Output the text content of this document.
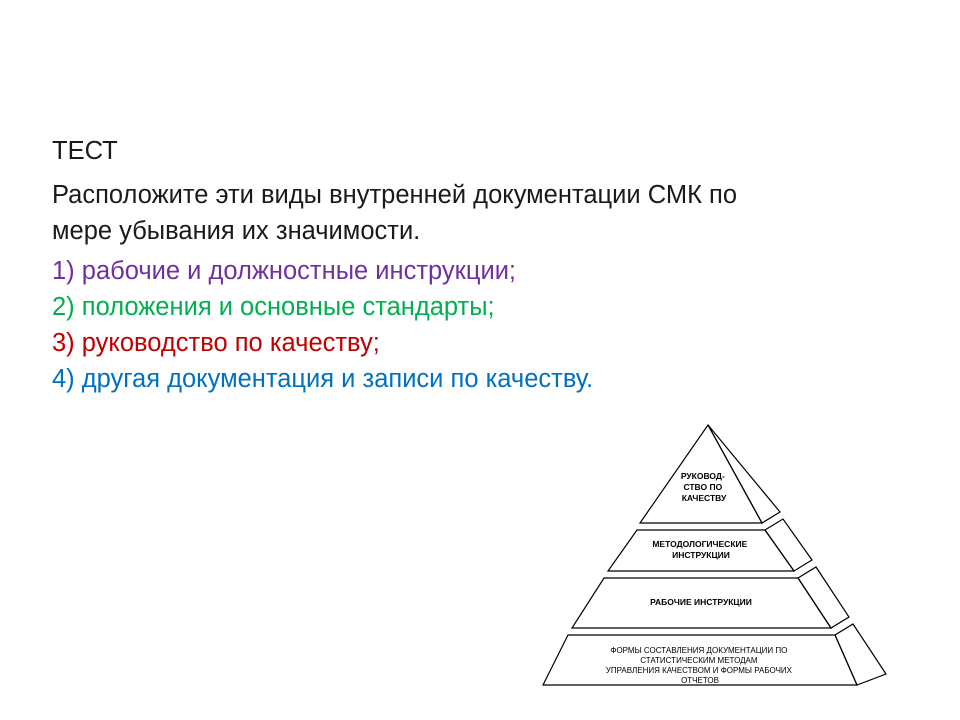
ТЕСТ
Расположите эти виды внутренней документации СМК по
мере убывания их значимости.
1) рабочие и должностные инструкции;
2) положения и основные стандарты;
3) руководство по качеству;
4) другая документация и записи по качеству.
РУКОВОД- СТВО ПО КАЧЕСТВУ
МЕТОДОЛОГИЧЕСКИЕ ИНСТРУКЦИИ
РАБОЧИЕ ИНСТРУКЦИИ
ФОРМЫ СОСТАВЛЕНИЯ ДОКУМЕНТАЦИИ ПО СТАТИСТИЧЕСКИМ МЕТОДАМ УПРАВЛЕНИЯ КАЧЕСТВОМ И ФОРМЫ РАБОЧИХ ОТЧЕТОВ
